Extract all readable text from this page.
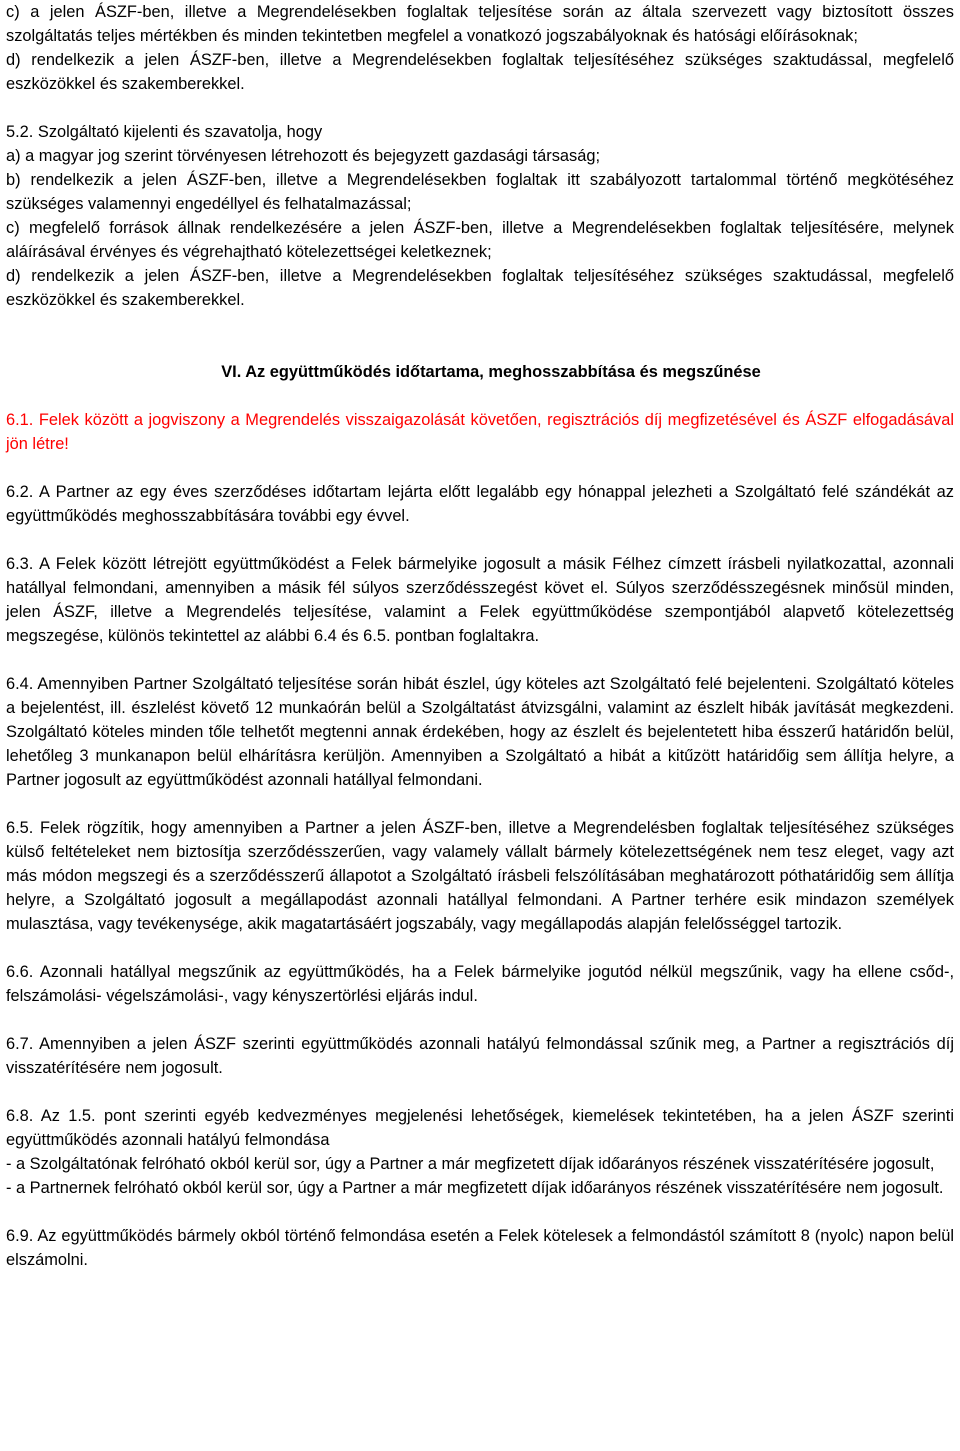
c) a jelen ÁSZF-ben, illetve a Megrendelésekben foglaltak teljesítése során az általa szervezett vagy biztosított összes szolgáltatás teljes mértékben és minden tekintetben megfelel a vonatkozó jogszabályoknak és hatósági előírásoknak;

d) rendelkezik a jelen ÁSZF-ben, illetve a Megrendelésekben foglaltak teljesítéséhez szükséges szaktudással, megfelelő eszközökkel és szakemberekkel.

5.2. Szolgáltató kijelenti és szavatolja, hogy

a) a magyar jog szerint törvényesen létrehozott és bejegyzett gazdasági társaság;

b) rendelkezik a jelen ÁSZF-ben, illetve a Megrendelésekben foglaltak itt szabályozott tartalommal történő megkötéséhez szükséges valamennyi engedéllyel és felhatalmazással;

c) megfelelő források állnak rendelkezésére a jelen ÁSZF-ben, illetve a Megrendelésekben foglaltak teljesítésére, melynek aláírásával érvényes és végrehajtható kötelezettségei keletkeznek;

d) rendelkezik a jelen ÁSZF-ben, illetve a Megrendelésekben foglaltak teljesítéséhez szükséges szaktudással, megfelelő eszközökkel és szakemberekkel.

VI. Az együttműködés időtartama, meghosszabbítása és megszűnése

6.1. Felek között a jogviszony a Megrendelés visszaigazolását követően, regisztrációs díj megfizetésével és ÁSZF elfogadásával jön létre!

6.2. A Partner az egy éves szerződéses időtartam lejárta előtt legalább egy hónappal jelezheti a Szolgáltató felé szándékát az együttműködés meghosszabbítására további egy évvel.

6.3. A Felek között létrejött együttműködést a Felek bármelyike jogosult a másik Félhez címzett írásbeli nyilatkozattal, azonnali hatállyal felmondani, amennyiben a másik fél súlyos szerződésszegést követ el. Súlyos szerződésszegésnek minősül minden, jelen ÁSZF, illetve a Megrendelés teljesítése, valamint a Felek együttműködése szempontjából alapvető kötelezettség megszegése, különös tekintettel az alábbi 6.4 és 6.5. pontban foglaltakra.

6.4. Amennyiben Partner Szolgáltató teljesítése során hibát észlel, úgy köteles azt Szolgáltató felé bejelenteni. Szolgáltató köteles a bejelentést, ill. észlelést követő 12 munkaórán belül a Szolgáltatást átvizsgálni, valamint az észlelt hibák javítását megkezdeni. Szolgáltató köteles minden tőle telhetőt megtenni annak érdekében, hogy az észlelt és bejelentetett hiba ésszerű határidőn belül, lehetőleg 3 munkanapon belül elhárításra kerüljön. Amennyiben a Szolgáltató a hibát a kitűzött határidőig sem állítja helyre, a Partner jogosult az együttműködést azonnali hatállyal felmondani.

6.5. Felek rögzítik, hogy amennyiben a Partner a jelen ÁSZF-ben, illetve a Megrendelésben foglaltak teljesítéséhez szükséges külső feltételeket nem biztosítja szerződésszerűen, vagy valamely vállalt bármely kötelezettségének nem tesz eleget, vagy azt más módon megszegi és a szerződésszerű állapotot a Szolgáltató írásbeli felszólításában meghatározott póthatáridőig sem állítja helyre, a Szolgáltató jogosult a megállapodást azonnali hatállyal felmondani. A Partner terhére esik mindazon személyek mulasztása, vagy tevékenysége, akik magatartásáért jogszabály, vagy megállapodás alapján felelősséggel tartozik.

6.6. Azonnali hatállyal megszűnik az együttműködés, ha a Felek bármelyike jogutód nélkül megszűnik, vagy ha ellene csőd-, felszámolási- végelszámolási-, vagy kényszertörlési eljárás indul.

6.7. Amennyiben a jelen ÁSZF szerinti együttműködés azonnali hatályú felmondással szűnik meg, a Partner a regisztrációs díj visszatérítésére nem jogosult.

6.8. Az 1.5. pont szerinti egyéb kedvezményes megjelenési lehetőségek, kiemelések tekintetében, ha a jelen ÁSZF szerinti együttműködés azonnali hatályú felmondása

- a Szolgáltatónak felróható okból kerül sor, úgy a Partner a már megfizetett díjak időarányos részének visszatérítésére jogosult,

- a Partnernek felróható okból kerül sor, úgy a Partner a már megfizetett díjak időarányos részének visszatérítésére nem jogosult.

6.9. Az együttműködés bármely okból történő felmondása esetén a Felek kötelesek a felmondástól számított 8 (nyolc) napon belül elszámolni.
